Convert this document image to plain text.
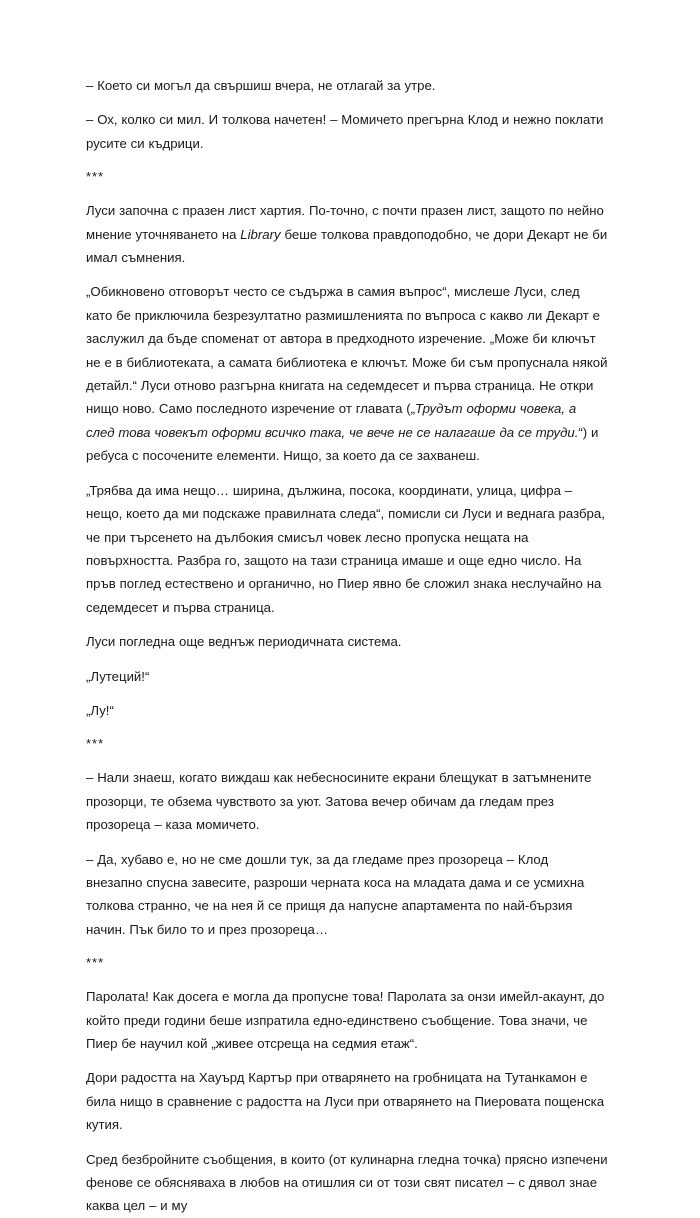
– Което си могъл да свършиш вчера, не отлагай за утре.

– Ох, колко си мил. И толкова начетен! – Момичето прегърна Клод и нежно поклати русите си къдрици.

***

Луси започна с празен лист хартия. По-точно, с почти празен лист, защото по нейно мнение уточняването на Library беше толкова правдоподобно, че дори Декарт не би имал съмнения.

„Обикновено отговорът често се съдържа в самия въпрос“, мислеше Луси, след като бе приключила безрезултатно размишленията по въпроса с какво ли Декарт е заслужил да бъде споменат от автора в предходното изречение. „Може би ключът не е в библиотеката, а самата библиотека е ключът. Може би съм пропуснала някой детайл.“ Луси отново разгърна книгата на седемдесет и първа страница. Не откри нищо ново. Само последното изречение от главата („Трудът оформи човека, а след това човекът оформи всичко така, че вече не се налагаше да се труди.“) и ребуса с посочените елементи. Нищо, за което да се захванеш.

„Трябва да има нещо… ширина, дължина, посока, координати, улица, цифра – нещо, което да ми подскаже правилната следа“, помисли си Луси и веднага разбра, че при търсенето на дълбокия смисъл човек лесно пропуска нещата на повърхността. Разбра го, защото на тази страница имаше и още едно число. На пръв поглед естествено и органично, но Пиер явно бе сложил знака неслучайно на седемдесет и първа страница.

Луси погледна още веднъж периодичната система.

„Лутеций!“

„Лу!“

***

– Нали знаеш, когато виждаш как небесносините екрани блещукат в затъмнените прозорци, те обзема чувството за уют. Затова вечер обичам да гледам през прозореца – каза момичето.

– Да, хубаво е, но не сме дошли тук, за да гледаме през прозореца – Клод внезапно спусна завесите, разроши черната коса на младата дама и се усмихна толкова странно, че на нея й се прищя да напусне апартамента по най-бързия начин. Пък било то и през прозореца…

***

Паролата! Как досега е могла да пропусне това! Паролата за онзи имейл-акаунт, до който преди години беше изпратила едно-единствено съобщение. Това значи, че Пиер бе научил кой „живее отсреща на седмия етаж“.

Дори радостта на Хауърд Картър при отварянето на гробницата на Тутанкамон е била нищо в сравнение с радостта на Луси при отварянето на Пиеровата пощенска кутия.

Сред безбройните съобщения, в които (от кулинарна гледна точка) прясно изпечени фенове се обясняваха в любов на отишлия си от този свят писател – с дявол знае каква цел – и му
